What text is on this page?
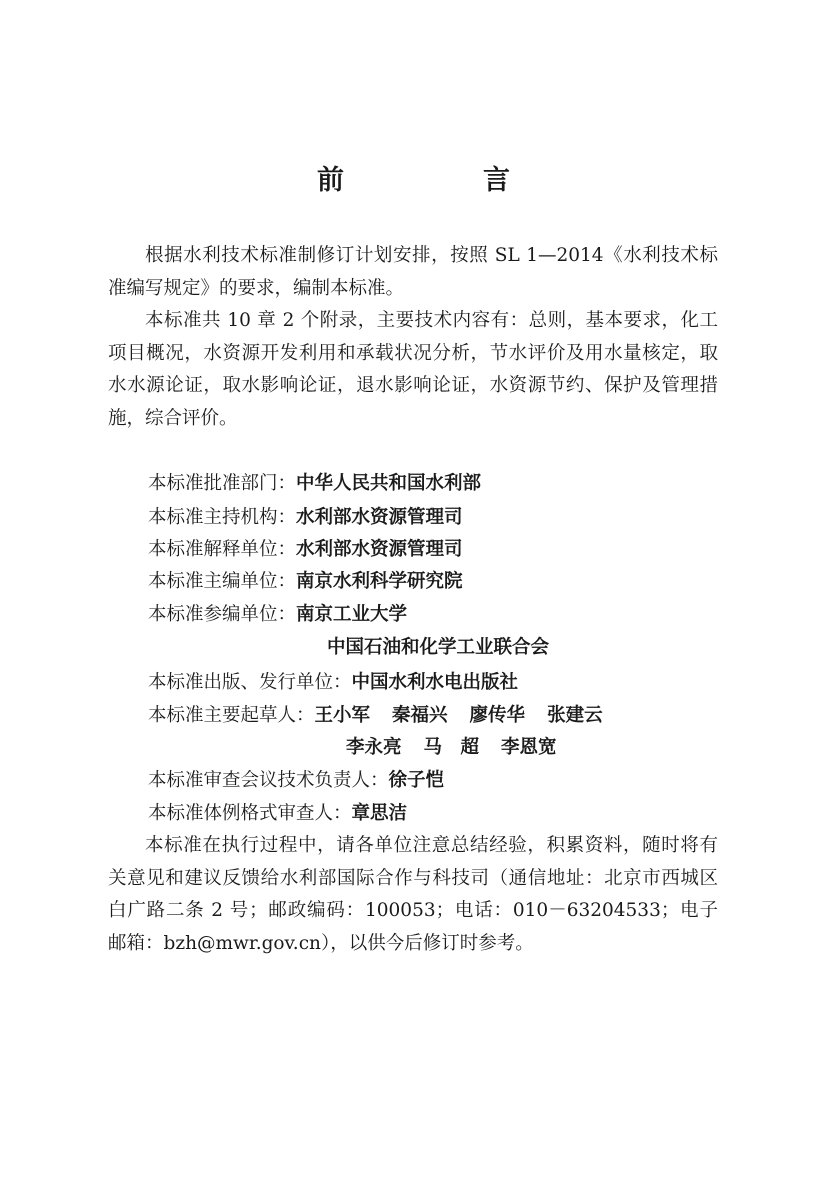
前　言

根据水利技术标准制修订计划安排，按照 SL 1—2014《水利技术标准编写规定》的要求，编制本标准。

本标准共 10 章 2 个附录，主要技术内容有：总则，基本要求，化工项目概况，水资源开发利用和承载状况分析，节水评价及用水量核定，取水水源论证，取水影响论证，退水影响论证，水资源节约、保护及管理措施，综合评价。

本标准批准部门：中华人民共和国水利部

本标准主持机构：水利部水资源管理司

本标准解释单位：水利部水资源管理司

本标准主编单位：南京水利科学研究院

本标准参编单位：南京工业大学

中国石油和化学工业联合会

本标准出版、发行单位：中国水利水电出版社

本标准主要起草人：王小军 秦福兴 廖传华 张建云

李永亮 马　超 李恩宽

本标准审查会议技术负责人：徐子恺

本标准体例格式审查人：章思洁

本标准在执行过程中，请各单位注意总结经验，积累资料，随时将有关意见和建议反馈给水利部国际合作与科技司（通信地址：北京市西城区白广路二条 2 号；邮政编码：100053；电话：010－63204533；电子邮箱：bzh@mwr.gov.cn），以供今后修订时参考。
